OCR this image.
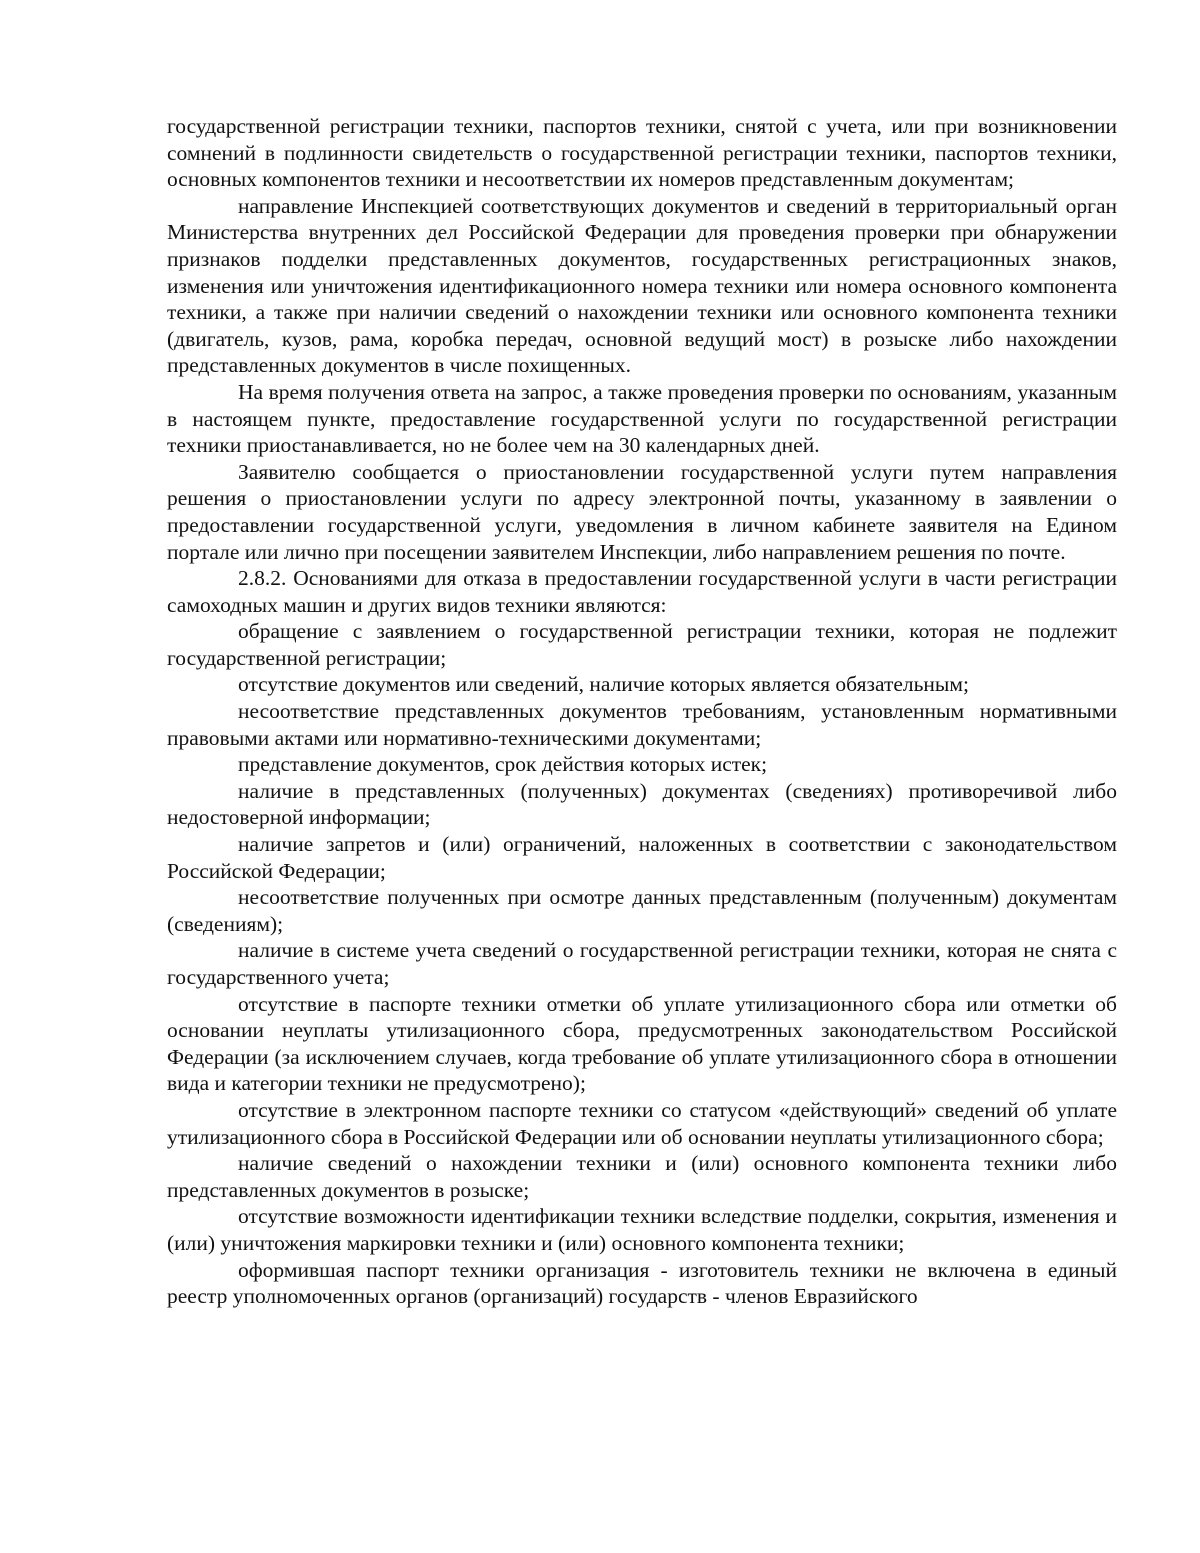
государственной регистрации техники, паспортов техники, снятой с учета, или при возникновении сомнений в подлинности свидетельств о государственной регистрации техники, паспортов техники, основных компонентов техники и несоответствии их номеров представленным документам;

направление Инспекцией соответствующих документов и сведений в территориальный орган Министерства внутренних дел Российской Федерации для проведения проверки при обнаружении признаков подделки представленных документов, государственных регистрационных знаков, изменения или уничтожения идентификационного номера техники или номера основного компонента техники, а также при наличии сведений о нахождении техники или основного компонента техники (двигатель, кузов, рама, коробка передач, основной ведущий мост) в розыске либо нахождении представленных документов в числе похищенных.

На время получения ответа на запрос, а также проведения проверки по основаниям, указанным в настоящем пункте, предоставление государственной услуги по государственной регистрации техники приостанавливается, но не более чем на 30 календарных дней.

Заявителю сообщается о приостановлении государственной услуги путем направления решения о приостановлении услуги по адресу электронной почты, указанному в заявлении о предоставлении государственной услуги, уведомления в личном кабинете заявителя на Едином портале или лично при посещении заявителем Инспекции, либо направлением решения по почте.

2.8.2. Основаниями для отказа в предоставлении государственной услуги в части регистрации самоходных машин и других видов техники являются:

обращение с заявлением о государственной регистрации техники, которая не подлежит государственной регистрации;

отсутствие документов или сведений, наличие которых является обязательным;

несоответствие представленных документов требованиям, установленным нормативными правовыми актами или нормативно-техническими документами;

представление документов, срок действия которых истек;

наличие в представленных (полученных) документах (сведениях) противоречивой либо недостоверной информации;

наличие запретов и (или) ограничений, наложенных в соответствии с законодательством Российской Федерации;

несоответствие полученных при осмотре данных представленным (полученным) документам (сведениям);

наличие в системе учета сведений о государственной регистрации техники, которая не снята с государственного учета;

отсутствие в паспорте техники отметки об уплате утилизационного сбора или отметки об основании неуплаты утилизационного сбора, предусмотренных законодательством Российской Федерации (за исключением случаев, когда требование об уплате утилизационного сбора в отношении вида и категории техники не предусмотрено);

отсутствие в электронном паспорте техники со статусом «действующий» сведений об уплате утилизационного сбора в Российской Федерации или об основании неуплаты утилизационного сбора;

наличие сведений о нахождении техники и (или) основного компонента техники либо представленных документов в розыске;

отсутствие возможности идентификации техники вследствие подделки, сокрытия, изменения и (или) уничтожения маркировки техники и (или) основного компонента техники;

оформившая паспорт техники организация - изготовитель техники не включена в единый реестр уполномоченных органов (организаций) государств - членов Евразийского
